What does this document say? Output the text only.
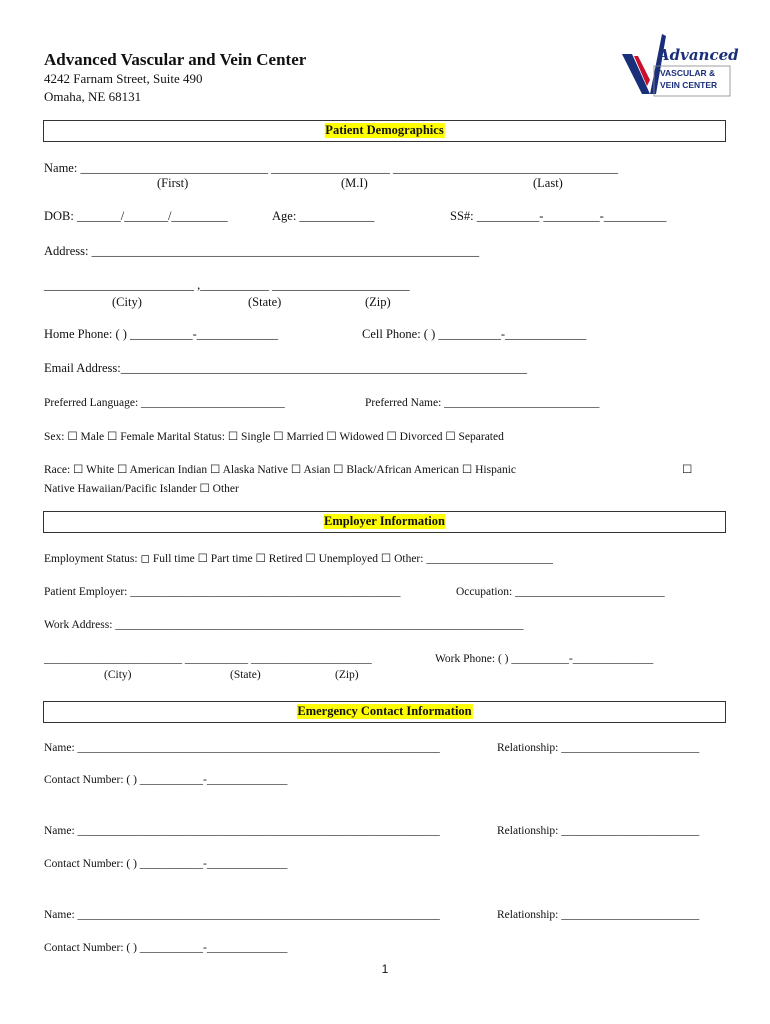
Advanced Vascular and Vein Center
4242 Farnam Street, Suite 490
Omaha, NE 68131
Advanced
VASCULAR &
VEIN CENTER
Patient Demographics
Name: ______________________________ ___________________ ____________________________________
(First)	(M.I)	(Last)
DOB: _______/_______/_________	Age: ____________	SS#: __________-_________-__________
Address: ______________________________________________________________
________________________ ,___________ ______________________
(City)	(State)	(Zip)
Home Phone: ( ) __________-_____________	Cell Phone: ( ) __________-_____________
Email Address:_________________________________________________________________
Preferred Language: _________________________	Preferred Name: ___________________________
Sex: ☐ Male ☐ Female Marital Status: ☐ Single ☐ Married ☐ Widowed ☐ Divorced ☐ Separated
Race: ☐ White ☐ American Indian ☐ Alaska Native ☐ Asian ☐ Black/African American ☐ Hispanic	☐
Native Hawaiian/Pacific Islander ☐ Other
Employer Information
Employment Status: ◻ Full time ☐ Part time ☐ Retired ☐ Unemployed ☐ Other: ______________________
Patient Employer: _______________________________________________	Occupation: __________________________
Work Address: _______________________________________________________________________
________________________ ___________ _____________________	Work Phone: ( ) __________-______________
(City)	(State)	(Zip)
Emergency Contact Information
Name: _______________________________________________________________	Relationship: ________________________
Contact Number: ( ) ___________-______________
Name: _______________________________________________________________	Relationship: ________________________
Contact Number: ( ) ___________-______________
Name: _______________________________________________________________	Relationship: ________________________
Contact Number: ( ) ___________-______________
1
